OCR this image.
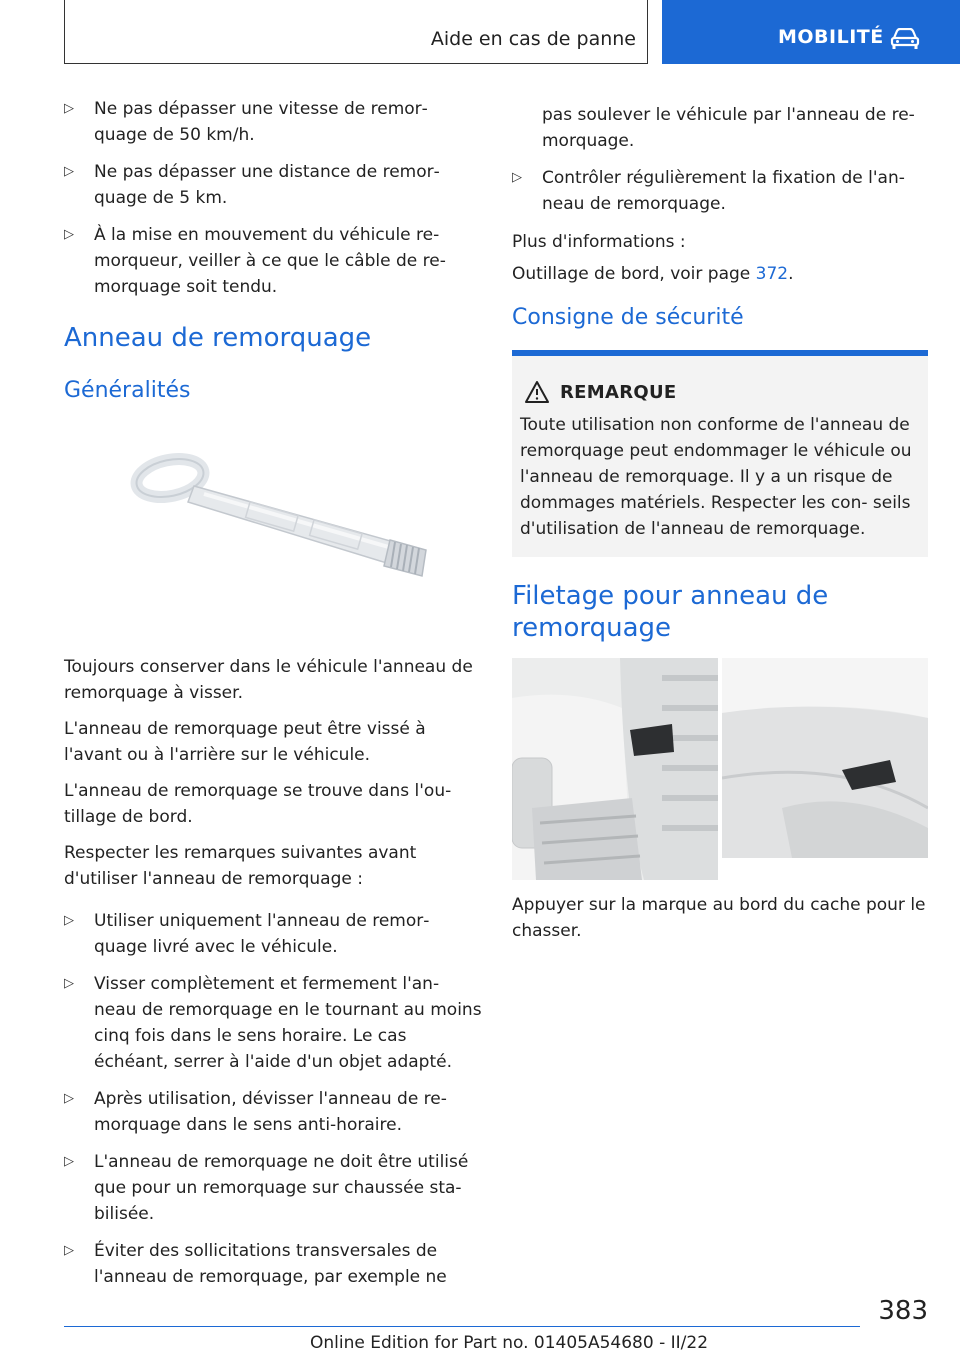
Aide en cas de panne	MOBILITÉ
▷ Ne pas dépasser une vitesse de remor‐ quage de 50 km/h.
▷ Ne pas dépasser une distance de remor‐ quage de 5 km.
▷ À la mise en mouvement du véhicule re‐ morqueur, veiller à ce que le câble de re‐ morquage soit tendu.
Anneau de remorquage
Généralités

Toujours conserver dans le véhicule l'anneau de remorquage à visser.

L'anneau de remorquage peut être vissé à l'avant ou à l'arrière sur le véhicule.

L'anneau de remorquage se trouve dans l'ou‐ tillage de bord.

Respecter les remarques suivantes avant d'utiliser l'anneau de remorquage :

▷ Utiliser uniquement l'anneau de remor‐ quage livré avec le véhicule.
▷ Visser complètement et fermement l'an‐ neau de remorquage en le tournant au moins cinq fois dans le sens horaire. Le cas échéant, serrer à l'aide d'un objet adapté.
▷ Après utilisation, dévisser l'anneau de re‐ morquage dans le sens anti-horaire.
▷ L'anneau de remorquage ne doit être utilisé que pour un remorquage sur chaussée sta‐ bilisée.
▷ Éviter des sollicitations transversales de l'anneau de remorquage, par exemple ne
pas soulever le véhicule par l'anneau de re‐ morquage.
▷ Contrôler régulièrement la fixation de l'an‐ neau de remorquage.

Plus d'informations :

Outillage de bord, voir page 372.

Consigne de sécurité
REMARQUE
Toute utilisation non conforme de l'anneau de remorquage peut endommager le véhicule ou l'anneau de remorquage. Il y a un risque de dommages matériels. Respecter les con‐ seils d'utilisation de l'anneau de remorquage.
Filetage pour anneau de remorquage

Appuyer sur la marque au bord du cache pour le chasser.

383
Online Edition for Part no. 01405A54680 - II/22
